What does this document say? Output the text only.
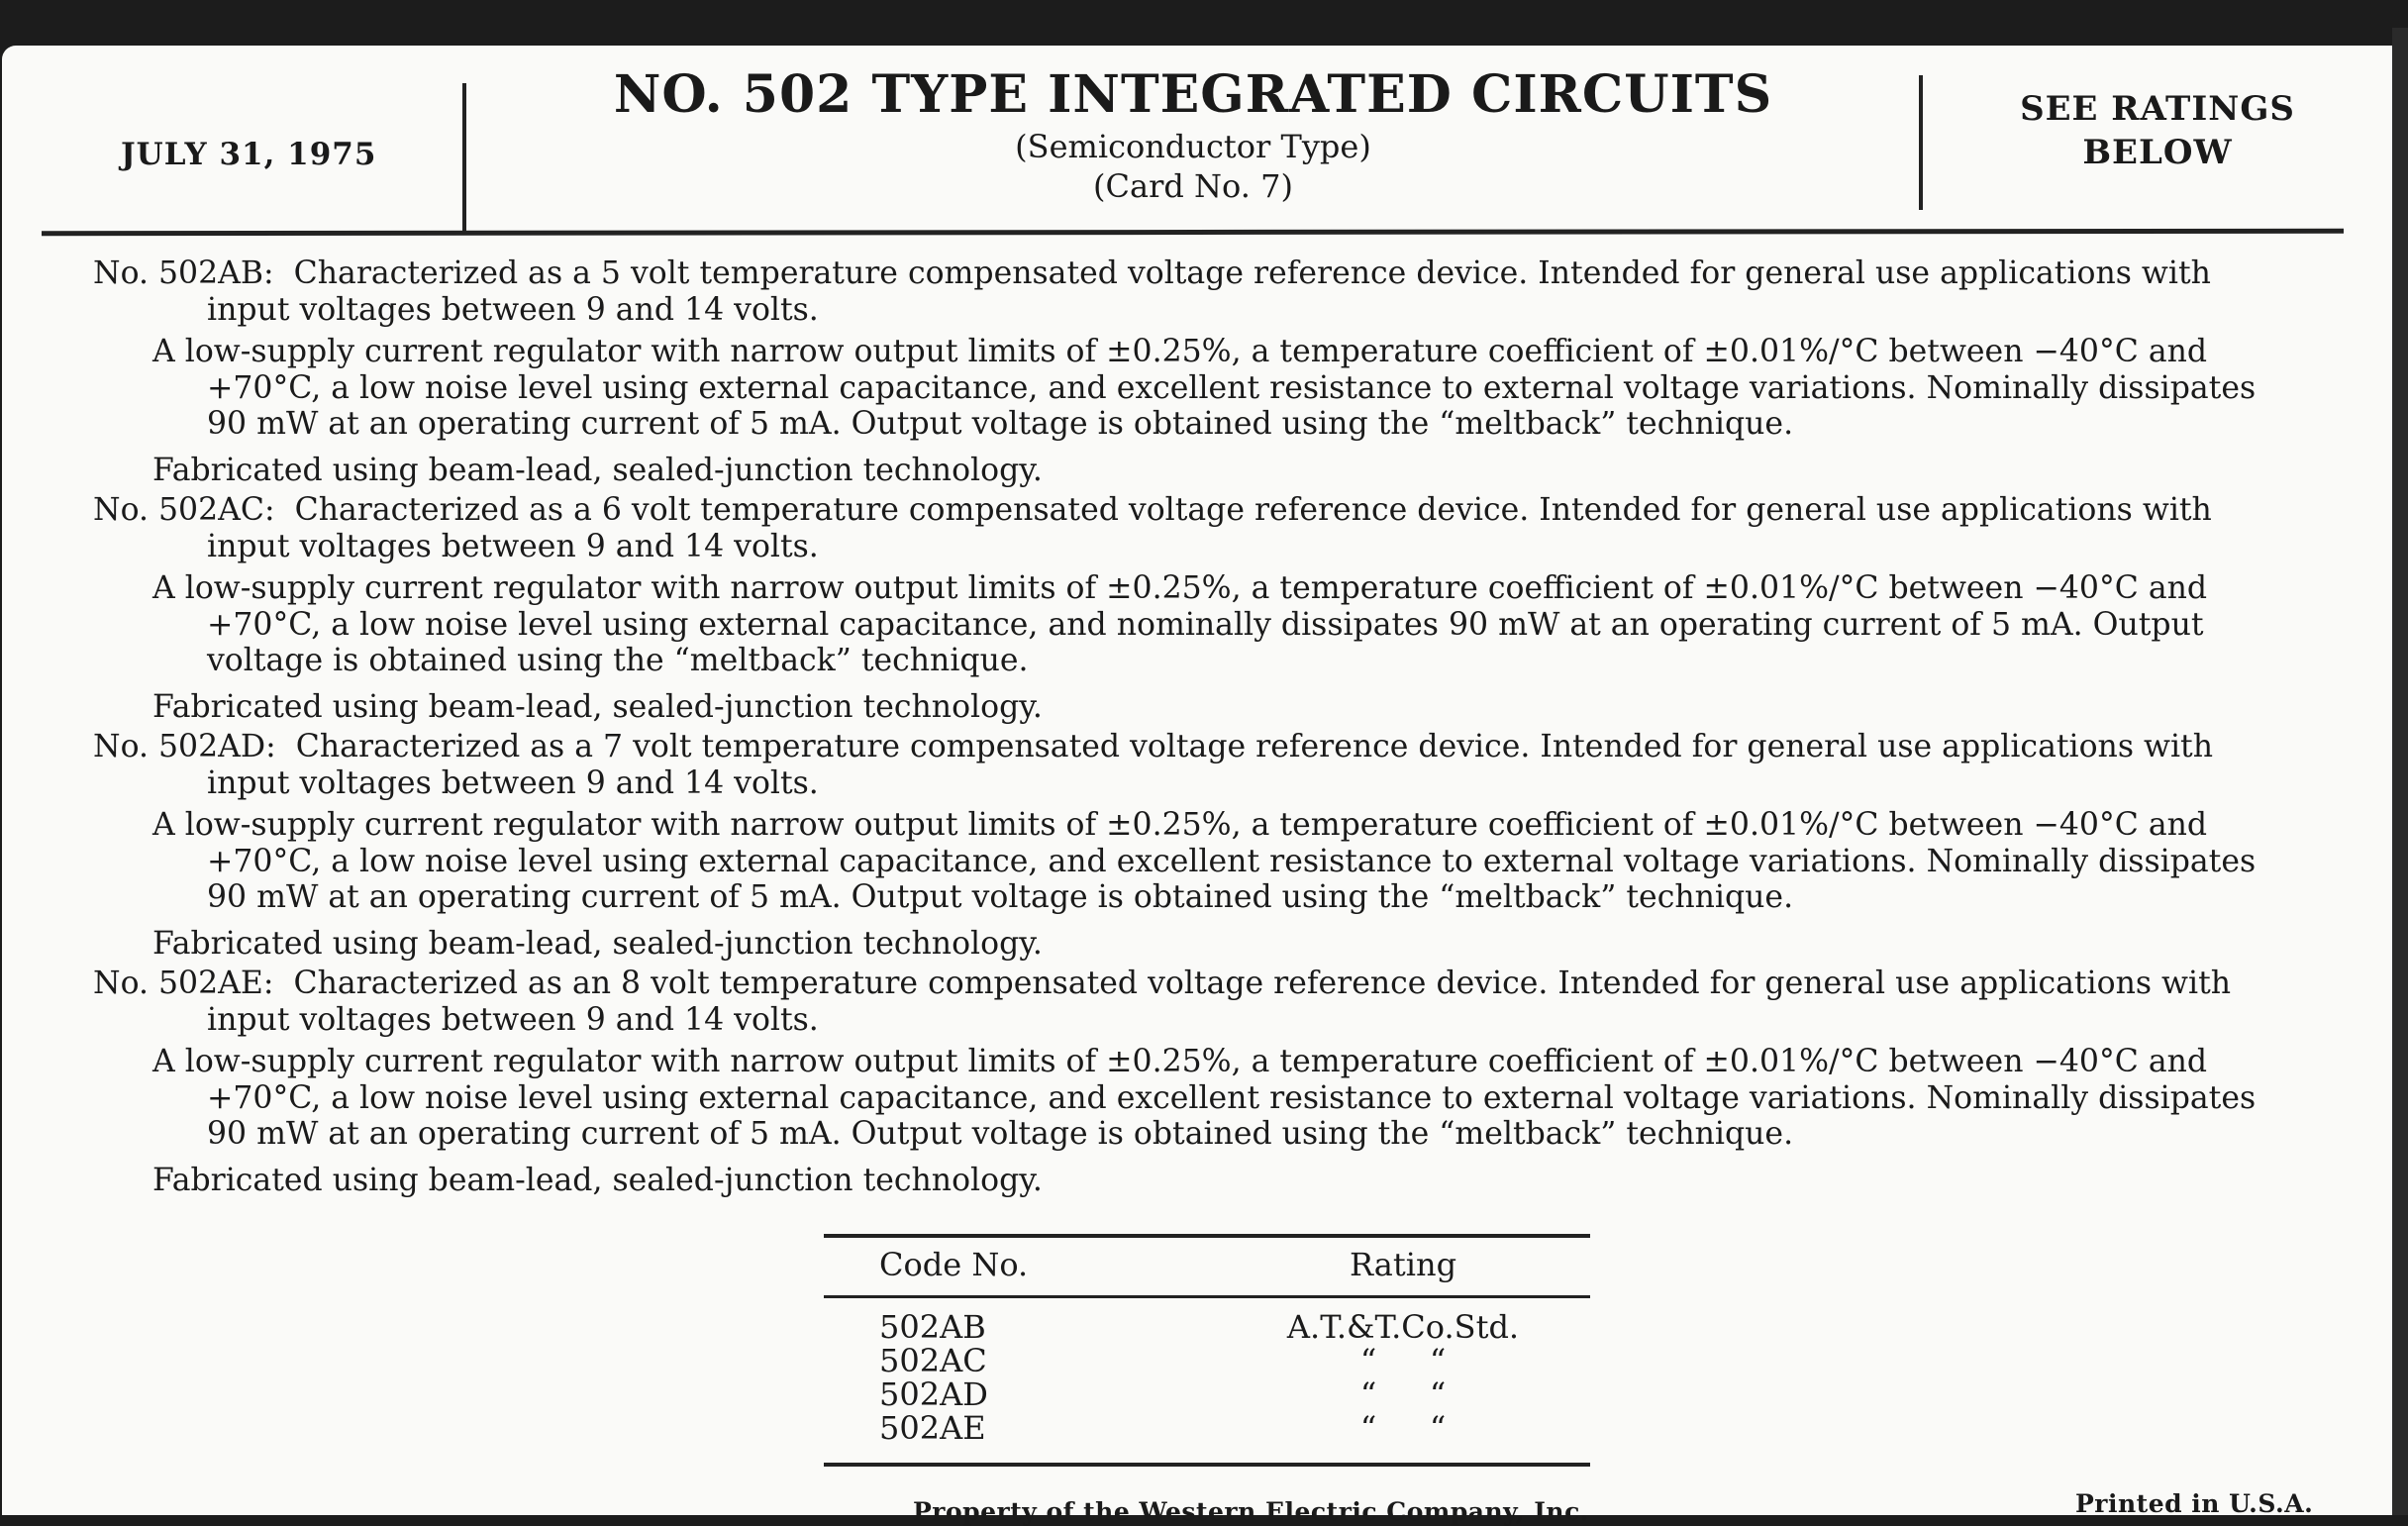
JULY 31, 1975
NO. 502 TYPE INTEGRATED CIRCUITS
(Semiconductor Type)
(Card No. 7)
SEE RATINGS
BELOW
No. 502AB: Characterized as a 5 volt temperature compensated voltage reference device. Intended for general use applications with input voltages between 9 and 14 volts.
A low-supply current regulator with narrow output limits of ±0.25%, a temperature coefficient of ±0.01%/°C between −40°C and +70°C, a low noise level using external capacitance, and excellent resistance to external voltage variations. Nominally dissipates 90 mW at an operating current of 5 mA. Output voltage is obtained using the “meltback” technique.
Fabricated using beam-lead, sealed-junction technology.
No. 502AC: Characterized as a 6 volt temperature compensated voltage reference device. Intended for general use applications with input voltages between 9 and 14 volts.
A low-supply current regulator with narrow output limits of ±0.25%, a temperature coefficient of ±0.01%/°C between −40°C and +70°C, a low noise level using external capacitance, and nominally dissipates 90 mW at an operating current of 5 mA. Output voltage is obtained using the “meltback” technique.
Fabricated using beam-lead, sealed-junction technology.
No. 502AD: Characterized as a 7 volt temperature compensated voltage reference device. Intended for general use applications with input voltages between 9 and 14 volts.
A low-supply current regulator with narrow output limits of ±0.25%, a temperature coefficient of ±0.01%/°C between −40°C and +70°C, a low noise level using external capacitance, and excellent resistance to external voltage variations. Nominally dissipates 90 mW at an operating current of 5 mA. Output voltage is obtained using the “meltback” technique.
Fabricated using beam-lead, sealed-junction technology.
No. 502AE: Characterized as an 8 volt temperature compensated voltage reference device. Intended for general use applications with input voltages between 9 and 14 volts.
A low-supply current regulator with narrow output limits of ±0.25%, a temperature coefficient of ±0.01%/°C between −40°C and +70°C, a low noise level using external capacitance, and excellent resistance to external voltage variations. Nominally dissipates 90 mW at an operating current of 5 mA. Output voltage is obtained using the “meltback” technique.
Fabricated using beam-lead, sealed-junction technology.
Code No.	Rating
502AB	A.T.&T.Co.Std.
502AC	“ “
502AD	“ “
502AE	“ “
Property of the Western Electric Company, Inc.	Printed in U.S.A.
